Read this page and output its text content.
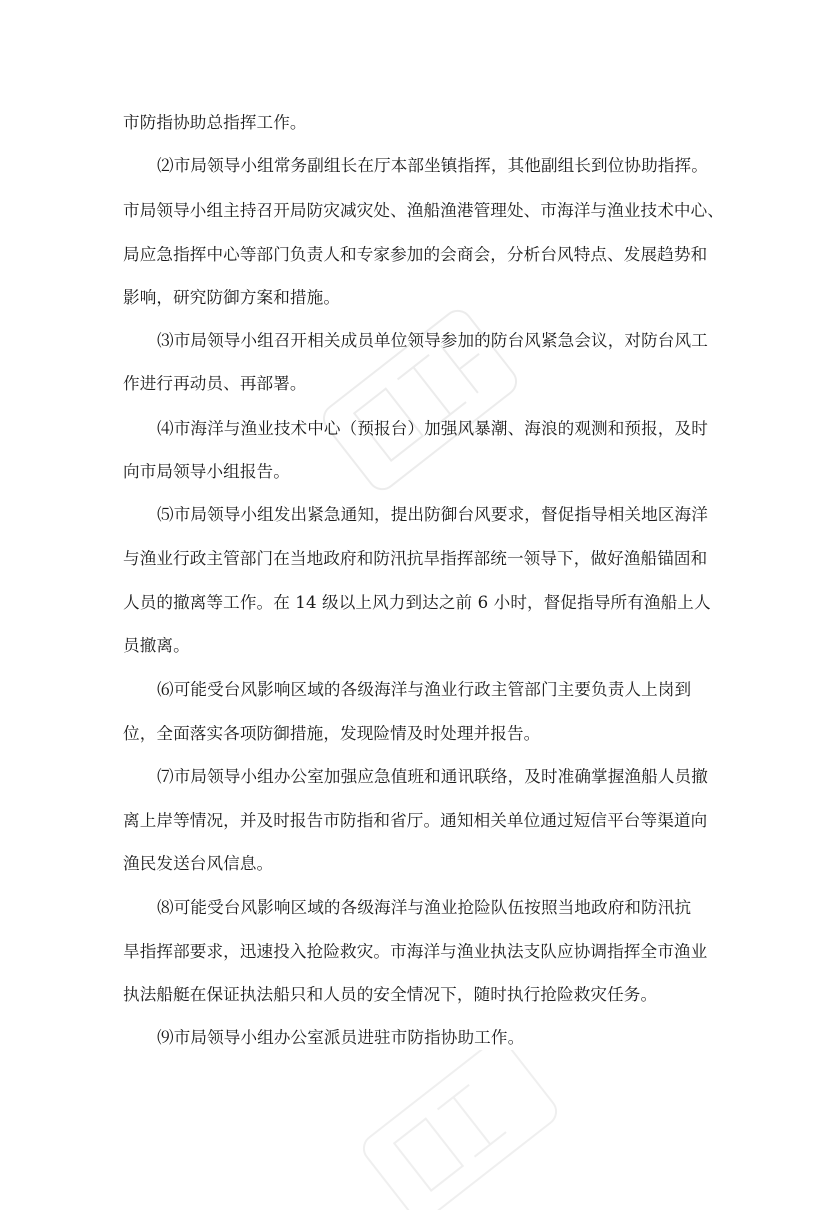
市防指协助总指挥工作。
⑵市局领导小组常务副组长在厅本部坐镇指挥，其他副组长到位协助指挥。
市局领导小组主持召开局防灾减灾处、渔船渔港管理处、市海洋与渔业技术中心、
局应急指挥中心等部门负责人和专家参加的会商会，分析台风特点、发展趋势和
影响，研究防御方案和措施。
⑶市局领导小组召开相关成员单位领导参加的防台风紧急会议，对防台风工
作进行再动员、再部署。
⑷市海洋与渔业技术中心（预报台）加强风暴潮、海浪的观测和预报，及时
向市局领导小组报告。
⑸市局领导小组发出紧急通知，提出防御台风要求，督促指导相关地区海洋
与渔业行政主管部门在当地政府和防汛抗旱指挥部统一领导下，做好渔船锚固和
人员的撤离等工作。在 14 级以上风力到达之前 6 小时，督促指导所有渔船上人
员撤离。
⑹可能受台风影响区域的各级海洋与渔业行政主管部门主要负责人上岗到
位，全面落实各项防御措施，发现险情及时处理并报告。
⑺市局领导小组办公室加强应急值班和通讯联络，及时准确掌握渔船人员撤
离上岸等情况，并及时报告市防指和省厅。通知相关单位通过短信平台等渠道向
渔民发送台风信息。
⑻可能受台风影响区域的各级海洋与渔业抢险队伍按照当地政府和防汛抗
旱指挥部要求，迅速投入抢险救灾。市海洋与渔业执法支队应协调指挥全市渔业
执法船艇在保证执法船只和人员的安全情况下，随时执行抢险救灾任务。
⑼市局领导小组办公室派员进驻市防指协助工作。
